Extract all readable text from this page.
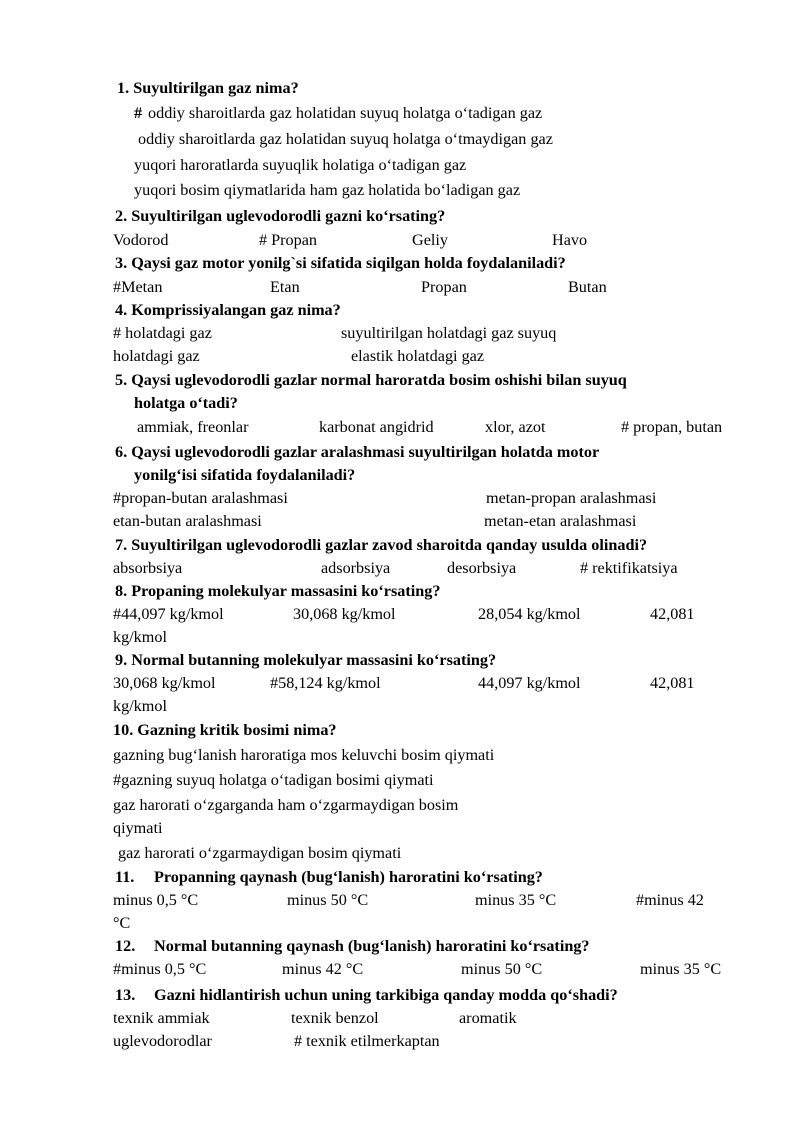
1. Suyultirilgan gaz nima?
# oddiy sharoitlarda gaz holatidan suyuq holatga o‘tadigan gaz
oddiy sharoitlarda gaz holatidan suyuq holatga o‘tmaydigan gaz
yuqori haroratlarda suyuqlik holatiga o‘tadigan gaz
yuqori bosim qiymatlarida ham gaz holatida bo‘ladigan gaz
2. Suyultirilgan uglevodorodli gazni ko‘rsating?
Vodorod	# Propan	Geliy	Havo
3. Qaysi gaz motor yonilg`si sifatida siqilgan holda foydalaniladi?
#Metan	Etan	Propan	Butan
4. Komprissiyalangan gaz nima?
# holatdagi gaz	suyultirilgan holatdagi gaz suyuq
holatdagi gaz	elastik holatdagi gaz
5. Qaysi uglevodorodli gazlar normal haroratda bosim oshishi bilan suyuq
holatga o‘tadi?
ammiak, freonlar	karbonat angidrid	xlor, azot	# propan, butan
6. Qaysi uglevodorodli gazlar aralashmasi suyultirilgan holatda motor
yonilg‘isi sifatida foydalaniladi?
#propan-butan aralashmasi	metan-propan aralashmasi
etan-butan aralashmasi	metan-etan aralashmasi
7. Suyultirilgan uglevodorodli gazlar zavod sharoitda qanday usulda olinadi?
absorbsiya	adsorbsiya	desorbsiya	# rektifikatsiya
8. Propaning molekulyar massasini ko‘rsating?
#44,097 kg/kmol	30,068 kg/kmol	28,054 kg/kmol	42,081
kg/kmol
9. Normal butanning molekulyar massasini ko‘rsating?
30,068 kg/kmol	#58,124 kg/kmol	44,097 kg/kmol	42,081
kg/kmol
10. Gazning kritik bosimi nima?
gazning bug‘lanish haroratiga mos keluvchi bosim qiymati
#gazning suyuq holatga o‘tadigan bosimi qiymati
gaz harorati o‘zgarganda ham o‘zgarmaydigan bosim
qiymati
gaz harorati o‘zgarmaydigan bosim qiymati
11. Propanning qaynash (bug‘lanish) haroratini ko‘rsating?
minus 0,5 °C	minus 50 °C	minus 35 °C	#minus 42
°C
12. Normal butanning qaynash (bug‘lanish) haroratini ko‘rsating?
#minus 0,5 °C	minus 42 °C	minus 50 °C	minus 35 °C
13. Gazni hidlantirish uchun uning tarkibiga qanday modda qo‘shadi?
texnik ammiak	texnik benzol	aromatik
uglevodorodlar	# texnik etilmerkaptan
